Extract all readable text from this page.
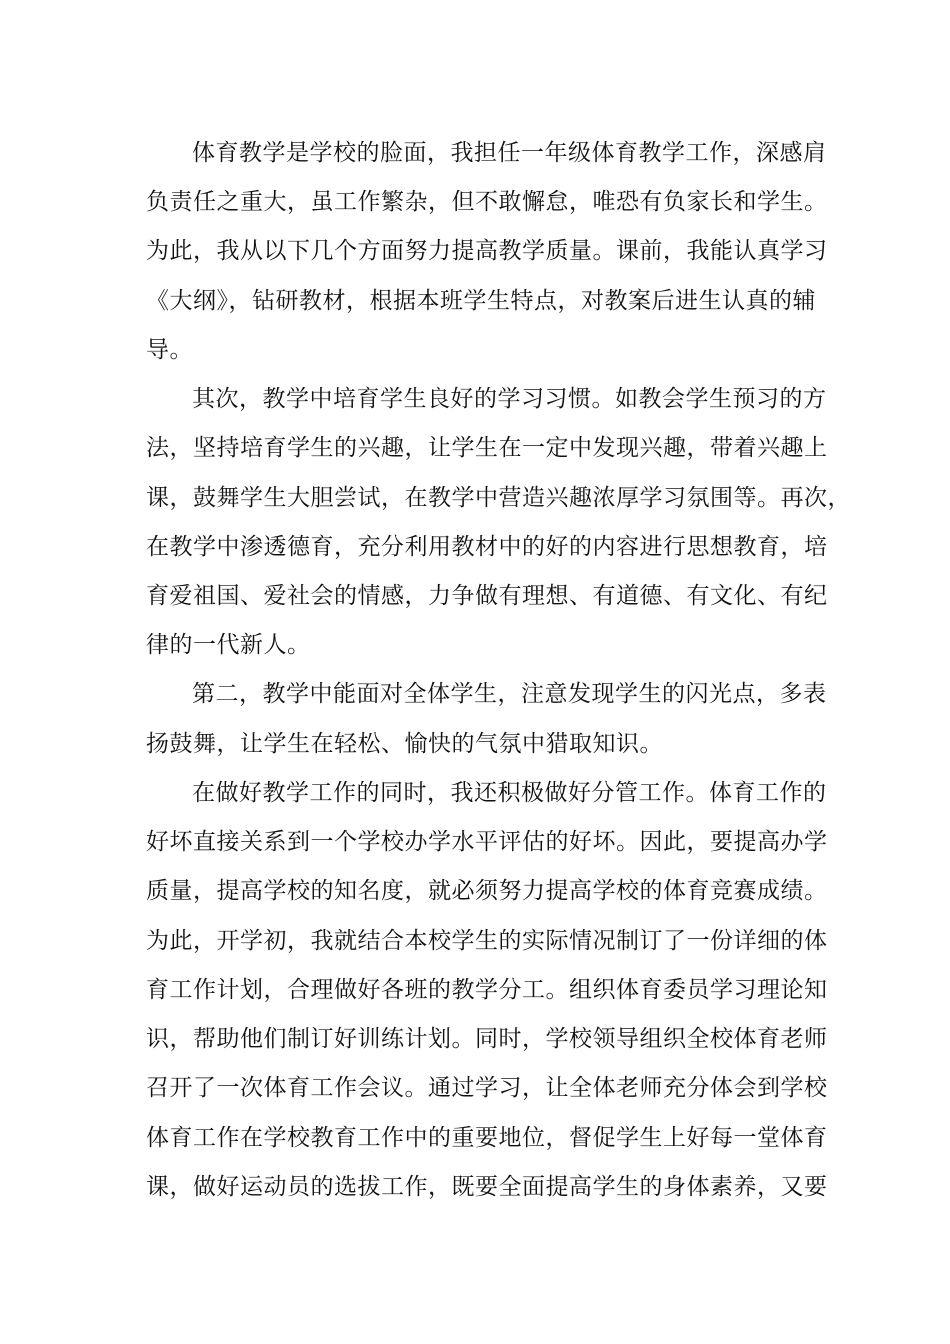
体育教学是学校的脸面，我担任一年级体育教学工作，深感肩
负责任之重大，虽工作繁杂，但不敢懈怠，唯恐有负家长和学生。
为此，我从以下几个方面努力提高教学质量。课前，我能认真学习
《大纲》，钻研教材，根据本班学生特点，对教案后进生认真的辅
导。
其次，教学中培育学生良好的学习习惯。如教会学生预习的方
法，坚持培育学生的兴趣，让学生在一定中发现兴趣，带着兴趣上
课，鼓舞学生大胆尝试，在教学中营造兴趣浓厚学习氛围等。再次，
在教学中渗透德育，充分利用教材中的好的内容进行思想教育，培
育爱祖国、爱社会的情感，力争做有理想、有道德、有文化、有纪
律的一代新人。
第二，教学中能面对全体学生，注意发现学生的闪光点，多表
扬鼓舞，让学生在轻松、愉快的气氛中猎取知识。
在做好教学工作的同时，我还积极做好分管工作。体育工作的
好坏直接关系到一个学校办学水平评估的好坏。因此，要提高办学
质量，提高学校的知名度，就必须努力提高学校的体育竞赛成绩。
为此，开学初，我就结合本校学生的实际情况制订了一份详细的体
育工作计划，合理做好各班的教学分工。组织体育委员学习理论知
识，帮助他们制订好训练计划。同时，学校领导组织全校体育老师
召开了一次体育工作会议。通过学习，让全体老师充分体会到学校
体育工作在学校教育工作中的重要地位，督促学生上好每一堂体育
课，做好运动员的选拔工作，既要全面提高学生的身体素养，又要
